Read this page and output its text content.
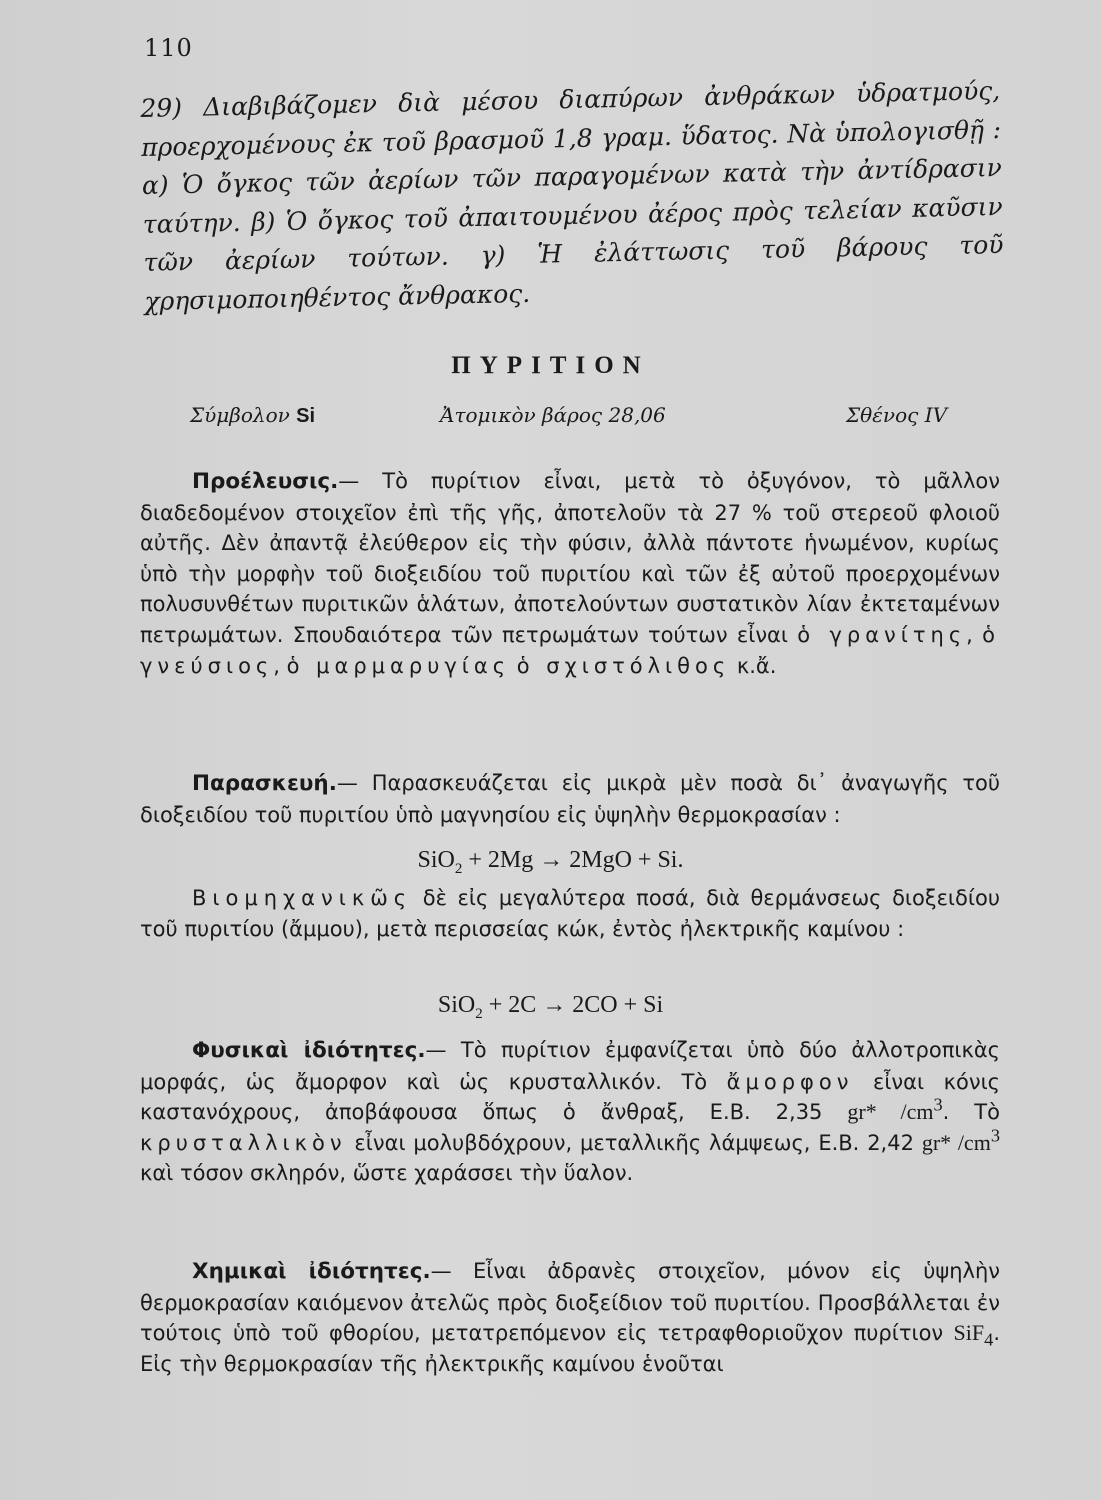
110
29) Διαβιβάζομεν διὰ μέσου διαπύρων ἀνθράκων ὑδρατμούς, προερχομένους ἐκ τοῦ βρασμοῦ 1,8 γραμ. ὕδατος. Νὰ ὑπολογισθῇ : α) Ὁ ὄγκος τῶν ἀερίων τῶν παραγομένων κατὰ τὴν ἀντίδρασιν ταύτην. β) Ὁ ὄγκος τοῦ ἀπαιτουμένου ἀέρος πρὸς τελείαν καῦσιν τῶν ἀερίων τούτων. γ) Ἡ ἐλάττωσις τοῦ βάρους τοῦ χρησιμοποιηθέντος ἄνθρακος.
ΠΥΡΙΤΙΟΝ
Σύμβολον Si	Ἀτομικὸν βάρος 28,06	Σθένος IV

Προέλευσις.— Τὸ πυρίτιον εἶναι, μετὰ τὸ ὀξυγόνον, τὸ μᾶλλον διαδεδομένον στοιχεῖον ἐπὶ τῆς γῆς, ἀποτελοῦν τὰ 27 % τοῦ στερεοῦ φλοιοῦ αὐτῆς. Δὲν ἀπαντᾷ ἐλεύθερον εἰς τὴν φύσιν, ἀλλὰ πάντοτε ἡνωμένον, κυρίως ὑπὸ τὴν μορφὴν τοῦ διοξειδίου τοῦ πυριτίου καὶ τῶν ἐξ αὐτοῦ προερχομένων πολυσυνθέτων πυριτικῶν ἁλάτων, ἀποτελούντων συστατικὸν λίαν ἐκτεταμένων πετρωμάτων. Σπουδαιότερα τῶν πετρωμάτων τούτων εἶναι ὁ γρανίτης, ὁ γνεύσιος, ὁ μαρμαρυγίας ὁ σχιστόλιθος κ.ἄ.

Παρασκευή.— Παρασκευάζεται εἰς μικρὰ μὲν ποσὰ δι᾿ ἀναγωγῆς τοῦ διοξειδίου τοῦ πυριτίου ὑπὸ μαγνησίου εἰς ὑψηλὴν θερμοκρασίαν :

SiO$_2$ + 2Mg → 2MgO + Si.

Βιομηχανικῶς δὲ εἰς μεγαλύτερα ποσά, διὰ θερμάνσεως διοξειδίου τοῦ πυριτίου (ἄμμου), μετὰ περισσείας κώκ, ἐντὸς ἠλεκτρικῆς καμίνου :

SiO$_2$ + 2C → 2CO + Si

Φυσικαὶ ἰδιότητες.— Τὸ πυρίτιον ἐμφανίζεται ὑπὸ δύο ἀλλοτροπικὰς μορφάς, ὡς ἄμορφον καὶ ὡς κρυσταλλικόν. Τὸ ἄμορφον εἶναι κόνις καστανόχρους, ἀποβάφουσα ὅπως ὁ ἄνθραξ, Ε.Β. 2,35 gr* $/cm^3$. Τὸ κρυσταλλικὸν εἶναι μολυβδόχρουν, μεταλλικῆς λάμψεως, Ε.Β. 2,42 gr* $/cm^3$ καὶ τόσον σκληρόν, ὥστε χαράσσει τὴν ὕαλον.

Χημικαὶ ἰδιότητες.— Εἶναι ἀδρανὲς στοιχεῖον, μόνον εἰς ὑψηλὴν θερμοκρασίαν καιόμενον ἀτελῶς πρὸς διοξείδιον τοῦ πυριτίου. Προσβάλλεται ἐν τούτοις ὑπὸ τοῦ φθορίου, μετατρεπόμενον εἰς τετραφθοριοῦχον πυρίτιον SiF$_4$. Εἰς τὴν θερμοκρασίαν τῆς ἠλεκτρικῆς καμίνου ἑνοῦται
